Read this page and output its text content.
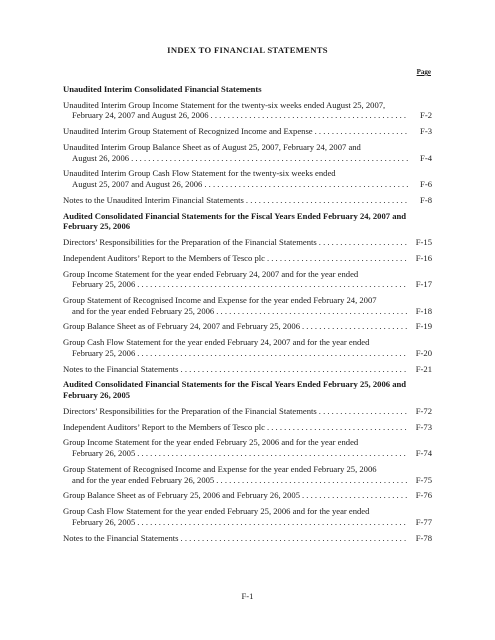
INDEX TO FINANCIAL STATEMENTS
Page
Unaudited Interim Consolidated Financial Statements
Unaudited Interim Group Income Statement for the twenty-six weeks ended August 25, 2007,
February 24, 2007 and August 26, 2006 . . .	F-2
Unaudited Interim Group Statement of Recognized Income and Expense . . .	F-3
Unaudited Interim Group Balance Sheet as of August 25, 2007, February 24, 2007 and
August 26, 2006 . . .	F-4
Unaudited Interim Group Cash Flow Statement for the twenty-six weeks ended
August 25, 2007 and August 26, 2006 . . .	F-6
Notes to the Unaudited Interim Financial Statements . . .	F-8
Audited Consolidated Financial Statements for the Fiscal Years Ended February 24, 2007 and February 25, 2006
Directors’ Responsibilities for the Preparation of the Financial Statements . . .	F-15
Independent Auditors’ Report to the Members of Tesco plc . . .	F-16
Group Income Statement for the year ended February 24, 2007 and for the year ended
February 25, 2006 . . .	F-17
Group Statement of Recognised Income and Expense for the year ended February 24, 2007
and for the year ended February 25, 2006 . . .	F-18
Group Balance Sheet as of February 24, 2007 and February 25, 2006 . . .	F-19
Group Cash Flow Statement for the year ended February 24, 2007 and for the year ended
February 25, 2006 . . .	F-20
Notes to the Financial Statements . . .	F-21
Audited Consolidated Financial Statements for the Fiscal Years Ended February 25, 2006 and February 26, 2005
Directors’ Responsibilities for the Preparation of the Financial Statements . . .	F-72
Independent Auditors’ Report to the Members of Tesco plc . . .	F-73
Group Income Statement for the year ended February 25, 2006 and for the year ended
February 26, 2005 . . .	F-74
Group Statement of Recognised Income and Expense for the year ended February 25, 2006
and for the year ended February 26, 2005 . . .	F-75
Group Balance Sheet as of February 25, 2006 and February 26, 2005 . . .	F-76
Group Cash Flow Statement for the year ended February 25, 2006 and for the year ended
February 26, 2005 . . .	F-77
Notes to the Financial Statements . . .	F-78
F-1
